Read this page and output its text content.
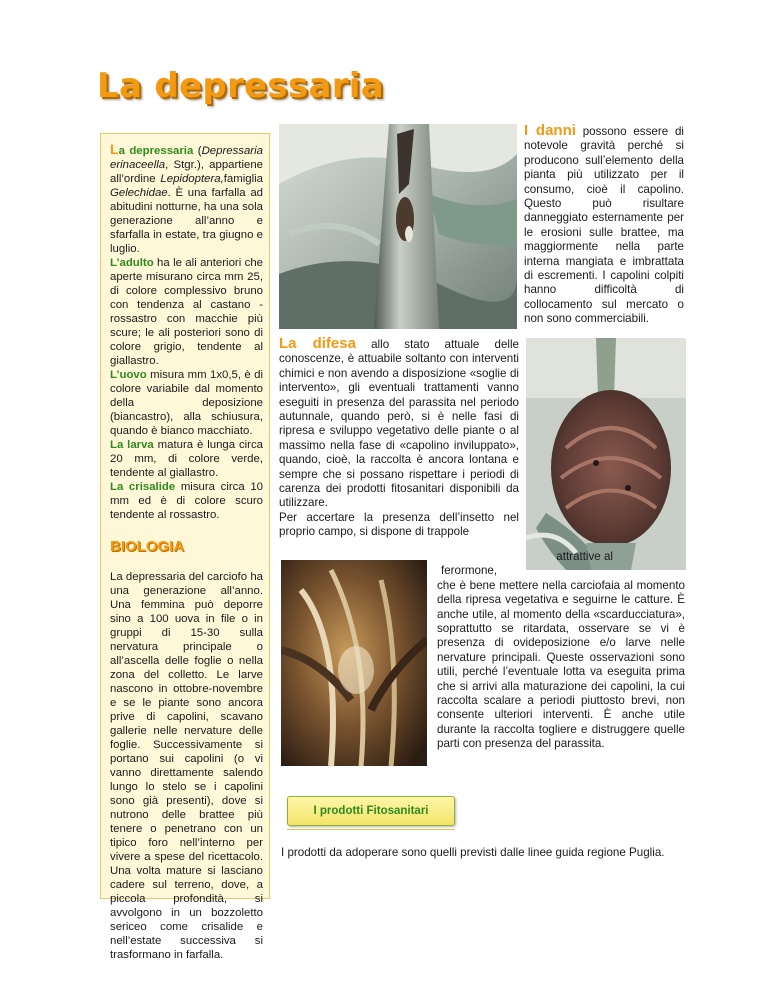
La depressaria

La depressaria (Depressaria erinaceella, Stgr.), appartiene all’ordine Lepidoptera,famiglia Gelechidae. È una farfalla ad abitudini notturne, ha una sola generazione all’anno e sfarfalla in estate, tra giugno e luglio.

L’adulto ha le ali anteriori che aperte misurano circa mm 25, di colore complessivo bruno con tendenza al castano - rossastro con macchie più scure; le ali posteriori sono di colore grigio, tendente al giallastro.

L’uovo misura mm 1x0,5, è di colore variabile dal momento della deposizione (biancastro), alla schiusura, quando è bianco macchiato.

La larva matura è lunga circa 20 mm, di colore verde, tendente al giallastro.

La crisalide misura circa 10 mm ed è di colore scuro tendente al rossastro.

BIOLOGIA

La depressaria del carciofo ha una generazione all’anno. Una femmina può deporre sino a 100 uova in file o in gruppi di 15-30 sulla nervatura principale o all’ascella delle foglie o nella zona del colletto. Le larve nascono in ottobre-novembre e se le piante sono ancora prive di capolini, scavano gallerie nelle nervature delle foglie. Successivamente si portano sui capolini (o vi vanno direttamente salendo lungo lo stelo se i capolini sono già presenti), dove si nutrono delle brattee più tenere o penetrano con un tipico foro nell’interno per vivere a spese del ricettacolo. Una volta mature si lasciano cadere sul terreno, dove, a piccola profondità, si avvolgono in un bozzoletto sericeo come crisalide e nell’estate successiva si trasformano in farfalla.

I danni possono essere di notevole gravità perché si producono sull’elemento della pianta più utilizzato per il consumo, cioè il capolino. Questo può risultare danneggiato esternamente per le erosioni sulle brattee, ma maggiormente nella parte interna mangiata e imbrattata di escrementi. I capolini colpiti hanno difficoltà di collocamento sul mercato o non sono commerciabili.

La difesa allo stato attuale delle conoscenze, è attuabile soltanto con interventi chimici e non avendo a disposizione «soglie di intervento», gli eventuali trattamenti vanno eseguiti in presenza del parassita nel periodo autunnale, quando però, si è nelle fasi di ripresa e sviluppo vegetativo delle piante o al massimo nella fase di «capolino inviluppato», quando, cioè, la raccolta è ancora lontana e sempre che si possano rispettare i periodi di carenza dei prodotti fitosanitari disponibili da utilizzare.

Per accertare la presenza dell’insetto nel proprio campo, si dispone di trappole

attrattive al

ferormone,

che è bene mettere nella carciofaia al momento della ripresa vegetativa e seguirne le catture. È anche utile, al momento della «scarducciatura», soprattutto se ritardata, osservare se vi è presenza di ovideposizione e/o larve nelle nervature principali. Queste osservazioni sono utili, perché l’eventuale lotta va eseguita prima che si arrivi alla maturazione dei capolini, la cui raccolta scalare a periodi piuttosto brevi, non consente ulteriori interventi. È anche utile durante la raccolta togliere e distruggere quelle parti con presenza del parassita.

I prodotti Fitosanitari
I prodotti da adoperare sono quelli previsti dalle linee guida regione Puglia.
